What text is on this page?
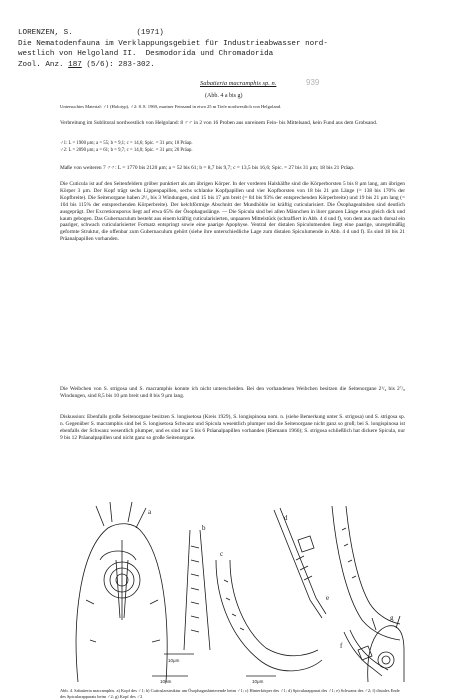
LORENZEN, S.              (1971)
Die Nematodenfauna im Verklappungsgebiet für Industrieabwasser nord-
westlich von Helgoland II.  Desmodorida und Chromadorida
Zool. Anz. 187 (5/6): 283-302.
Sabatieria macramphis sp. n.	939
(Abb. 4 a bis g)
Untersuchtes Material: ♂1 (Holotyp), ♂2: 8. 8. 1969, mariner Feinsand in etwa 25 m Tiefe nordwestlich von Helgoland.
Verbreitung im Sublitoral nordwestlich von Helgoland: 8 ♂♂ in 2 von 16 Proben aus unreinem Fein- bis Mittelsand, kein Fund aus dem Grobsand.
♂1: L = 1900 μm; a = 55; b = 9,1; c = 14,6; Spic. = 31 μm; 18 Präap.
♂2: L = 2090 μm; a = 61; b = 9,7; c = 14,0; Spic. = 31 μm; 20 Präap.
Maße von weiteren 7 ♂♂: L = 1770 bis 2120 μm; a = 52 bis 61; b = 8,7 bis 9,7; c = 13,5 bis 16,6; Spic. = 27 bis 31 μm; 18 bis 21 Präap.
Die Cuticula ist auf den Seitenfeldern gröber punktiert als am übrigen Körper. In der vorderen Halshälfte sind die Körperborsten 5 bis 8 μm lang, am übrigen Körper 3 μm. Der Kopf trägt sechs Lippenpapillen, sechs schlanke Kopfpapillen und vier Kopfborsten von 18 bis 21 μm Länge (= 138 bis 170% der Kopfbreite). Die Seitenorgane haben 2¹/₂ bis 3 Windungen, sind 15 bis 17 μm breit (= 84 bis 93% der entsprechenden Körperbreite) und 19 bis 21 μm lang (= 104 bis 115% der entsprechenden Körperbreite). Der kelchförmige Abschnitt der Mundhöhle ist kräftig cuticularisiert. Die Ösophagealtuben sind deutlich ausgeprägt. Der Excretionsporus liegt auf etwa 65% der Ösophaguslänge. — Die Spicula sind bei allen Männchen in ihrer ganzen Länge etwa gleich dick und kaum gebogen. Das Gubernaculum besteht aus einem kräftig cuticularisierten, unpaaren Mittelstück (schraffiert in Abb. 4 d und f), von dem aus nach dorsal ein paariger, schwach cuticularisierter Fortsatz entspringt sowie eine paarige Apophyse. Ventral der distalen Spiculumenden liegt eine paarige, unregelmäßig geformte Struktur, die offenbar zum Gubernaculum gehört (siehe ihre unterschiedliche Lage zum distalen Spiculumende in Abb. 4 d und f). Es sind 18 bis 21 Präanalpapillen vorhanden.
Die Weibchen von S. strigosa und S. macramphis konnte ich nicht unterscheiden. Bei den vorhandenen Weibchen besitzen die Seitenorgane 2¹/₄ bis 2⁷/₈ Windungen, sind 8,5 bis 10 μm breit und 8 bis 9 μm lang.
Diskussion: Ebenfalls große Seitenorgane besitzen S. longisetosa (Kreis 1929), S. longispinosa nom. n. (siehe Bemerkung unter S. strigosa) und S. strigosa sp. n. Gegenüber S. macramphis sind bei S. longisetosa Schwanz und Spicula wesentlich plumper und die Seitenorgane nicht ganz so groß; bei S. longispinosa ist ebenfalls der Schwanz wesentlich plumper, und es sind nur 5 bis 6 Präanalpapillen vorhanden (Riemann 1966); S. strigosa schließlich hat dickere Spicula, nur 9 bis 12 Präanalpapillen und nicht ganz so große Seitenorgane.
a
b
c
d
e
f
g
10μm
10μm	10μm
Abb. 4. Sabatieria macramphis. a) Kopf des ♂1; b) Cuticularstruktur am Ösophagushinterende beim ♂1; c) Hinterkörper des ♂1; d) Spicularapparat des ♂1; e) Schwanz des ♂2; f) distales Ende des Spicularapparats beim ♂2; g) Kopf des ♂2
